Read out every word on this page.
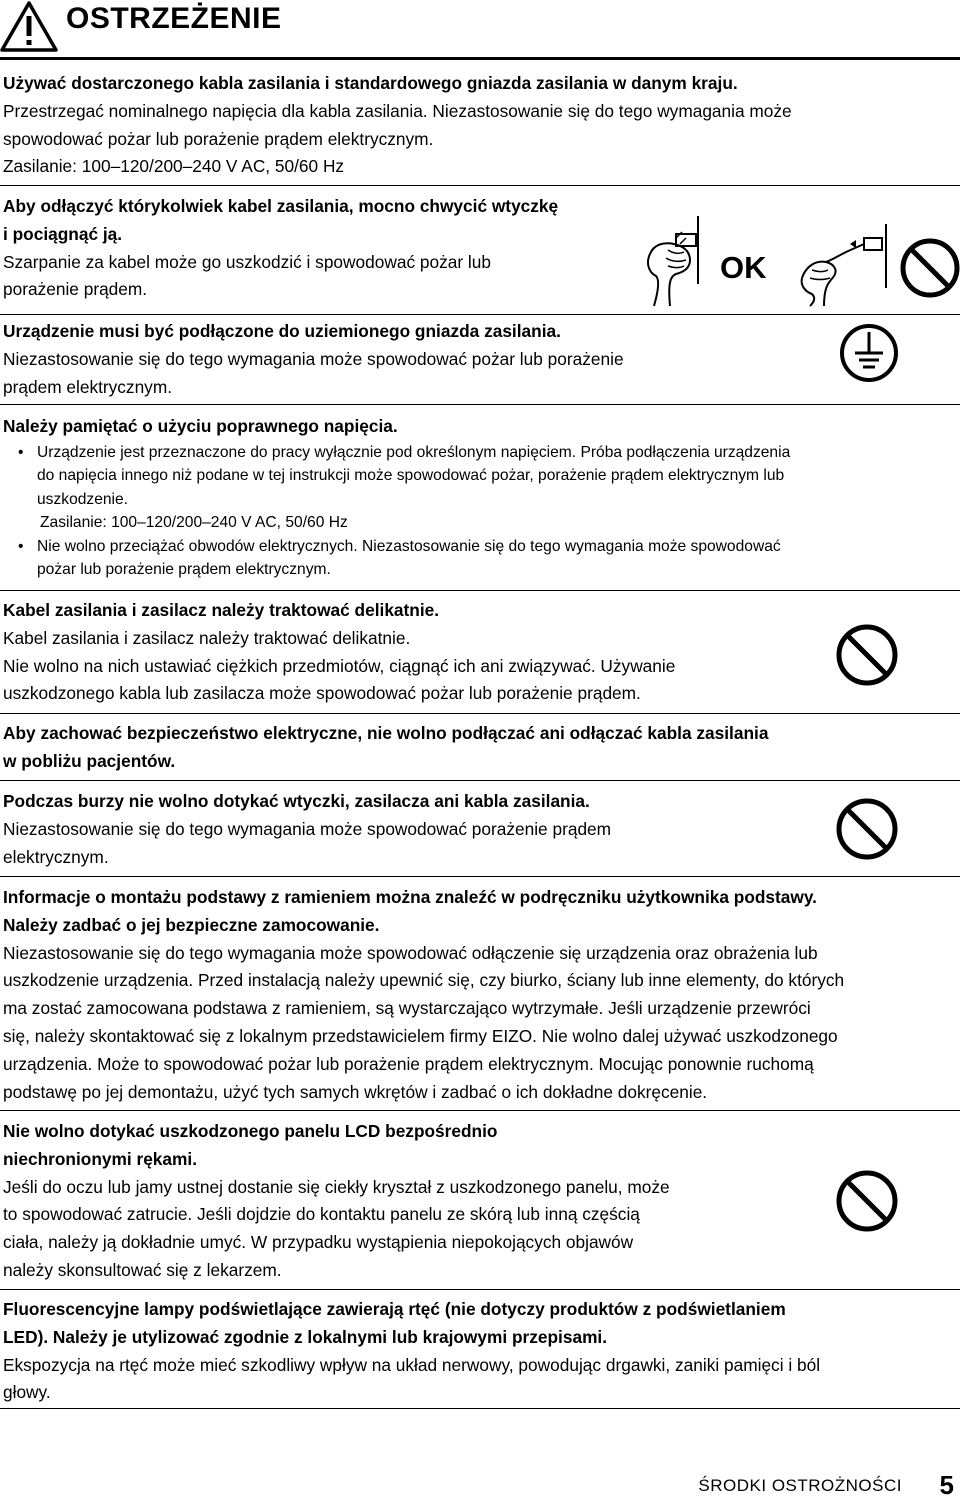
OSTRZEŻENIE
Używać dostarczonego kabla zasilania i standardowego gniazda zasilania w danym kraju.
Przestrzegać nominalnego napięcia dla kabla zasilania. Niezastosowanie się do tego wymagania może
spowodować pożar lub porażenie prądem elektrycznym.
Zasilanie: 100–120/200–240 V AC, 50/60 Hz
Aby odłączyć którykolwiek kabel zasilania, mocno chwycić wtyczkę
i pociągnąć ją.
Szarpanie za kabel może go uszkodzić i spowodować pożar lub
porażenie prądem.
OK
Urządzenie musi być podłączone do uziemionego gniazda zasilania.
Niezastosowanie się do tego wymagania może spowodować pożar lub porażenie
prądem elektrycznym.
Należy pamiętać o użyciu poprawnego napięcia.
• Urządzenie jest przeznaczone do pracy wyłącznie pod określonym napięciem. Próba podłączenia urządzenia
do napięcia innego niż podane w tej instrukcji może spowodować pożar, porażenie prądem elektrycznym lub
uszkodzenie.
Zasilanie: 100–120/200–240 V AC, 50/60 Hz
• Nie wolno przeciążać obwodów elektrycznych. Niezastosowanie się do tego wymagania może spowodować
pożar lub porażenie prądem elektrycznym.
Kabel zasilania i zasilacz należy traktować delikatnie.
Kabel zasilania i zasilacz należy traktować delikatnie.
Nie wolno na nich ustawiać ciężkich przedmiotów, ciągnąć ich ani związywać. Używanie
uszkodzonego kabla lub zasilacza może spowodować pożar lub porażenie prądem.
Aby zachować bezpieczeństwo elektryczne, nie wolno podłączać ani odłączać kabla zasilania
w pobliżu pacjentów.
Podczas burzy nie wolno dotykać wtyczki, zasilacza ani kabla zasilania.
Niezastosowanie się do tego wymagania może spowodować porażenie prądem
elektrycznym.
Informacje o montażu podstawy z ramieniem można znaleźć w podręczniku użytkownika podstawy.
Należy zadbać o jej bezpieczne zamocowanie.
Niezastosowanie się do tego wymagania może spowodować odłączenie się urządzenia oraz obrażenia lub
uszkodzenie urządzenia. Przed instalacją należy upewnić się, czy biurko, ściany lub inne elementy, do których
ma zostać zamocowana podstawa z ramieniem, są wystarczająco wytrzymałe. Jeśli urządzenie przewróci
się, należy skontaktować się z lokalnym przedstawicielem firmy EIZO. Nie wolno dalej używać uszkodzonego
urządzenia. Może to spowodować pożar lub porażenie prądem elektrycznym. Mocując ponownie ruchomą
podstawę po jej demontażu, użyć tych samych wkrętów i zadbać o ich dokładne dokręcenie.
Nie wolno dotykać uszkodzonego panelu LCD bezpośrednio
niechronionymi rękami.
Jeśli do oczu lub jamy ustnej dostanie się ciekły kryształ z uszkodzonego panelu, może
to spowodować zatrucie. Jeśli dojdzie do kontaktu panelu ze skórą lub inną częścią
ciała, należy ją dokładnie umyć. W przypadku wystąpienia niepokojących objawów
należy skonsultować się z lekarzem.
Fluorescencyjne lampy podświetlające zawierają rtęć (nie dotyczy produktów z podświetlaniem
LED). Należy je utylizować zgodnie z lokalnymi lub krajowymi przepisami.
Ekspozycja na rtęć może mieć szkodliwy wpływ na układ nerwowy, powodując drgawki, zaniki pamięci i ból
głowy.
ŚRODKI OSTROŻNOŚCI 5
